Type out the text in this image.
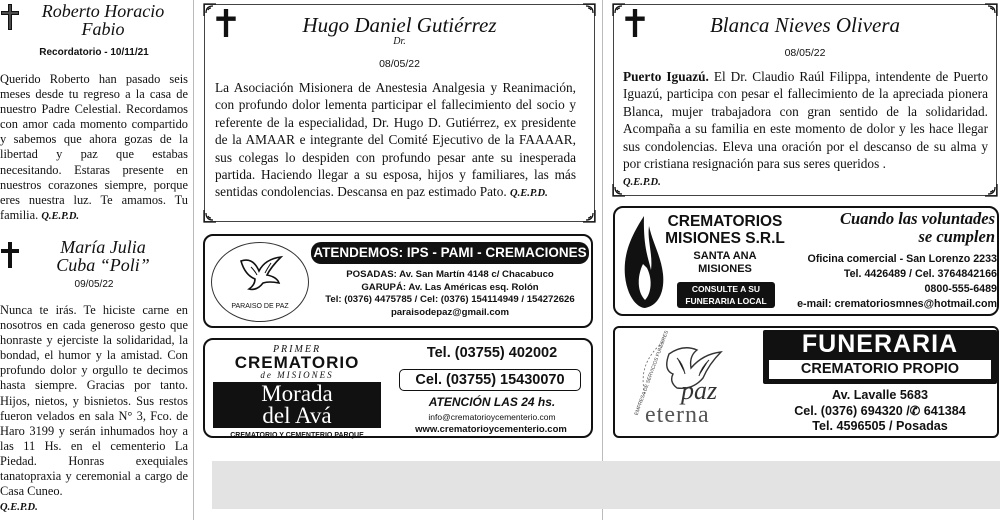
Roberto Horacio
Fabio
Recordatorio - 10/11/21
Querido Roberto han pasado seis meses desde tu regreso a la casa de nuestro Padre Celestial. Recordamos con amor cada momento compartido y sabemos que ahora gozas de la libertad y paz que estabas necesitando. Estaras presente en nuestros corazones siempre, porque eres nuestra luz. Te amamos. Tu familia. Q.E.P.D.
María Julia
Cuba “Poli”
09/05/22
Nunca te irás. Te hiciste carne en nosotros en cada generoso gesto que honraste y ejerciste la solidaridad, la bondad, el humor y la amistad. Con profundo dolor y orgullo te decimos hasta siempre. Gracias por tanto. Hijos, nietos, y bisnietos. Sus restos fueron velados en sala N° 3, Fco. de Haro 3199 y serán inhumados hoy a las 11 Hs. en el cementerio La Piedad. Honras exequiales tanatopraxia y ceremonial a cargo de Casa Cuneo.
Q.E.P.D.
Hugo Daniel Gutiérrez
Dr.
08/05/22
La Asociación Misionera de Anestesia Analgesia y Reanimación, con profundo dolor lementa participar el fallecimiento del socio y referente de la especialidad, Dr. Hugo D. Gutiérrez, ex presidente de la AMAAR e integrante del Comité Ejecutivo de la FAAAAR, sus colegas lo despiden con profundo pesar ante su inesperada partida. Haciendo llegar a su esposa, hijos y familiares, las más sentidas condolencias. Descansa en paz estimado Pato. Q.E.P.D.
Blanca Nieves Olivera
08/05/22
Puerto Iguazú. El Dr. Claudio Raúl Filippa, intendente de Puerto Iguazú, participa con pesar el fallecimiento de la apreciada pionera Blanca, mujer trabajadora con gran sentido de la solidaridad. Acompaña a su familia en este momento de dolor y les hace llegar sus condolencias. Eleva una oración por el descanso de su alma y por cristiana resignación para sus seres queridos .
Q.E.P.D.
PARAISO DE PAZ
ATENDEMOS: IPS - PAMI - CREMACIONES
POSADAS: Av. San Martín 4148 c/ Chacabuco
GARUPÁ: Av. Las Américas esq. Rolón
Tel: (0376) 4475785 / Cel: (0376) 154114949 / 154272626
paraisodepaz@gmail.com
PRIMER
CREMATORIO
de MISIONES
Morada
del Avá
CREMATORIO Y CEMENTERIO PARQUE
Tel. (03755) 402002
Cel. (03755) 15430070
ATENCIÓN LAS 24 hs.
info@crematorioycementerio.com
www.crematorioycementerio.com
CREMATORIOS
MISIONES S.R.L
SANTA ANA
MISIONES
CONSULTE A SU
FUNERARIA LOCAL
Cuando las voluntades
se cumplen
Oficina comercial - San Lorenzo 2233
Tel. 4426489 / Cel. 3764842166
0800-555-6489
e-mail: crematoriosmnes@hotmail.com
EMPRESA DE SERVICIOS FUNEBRES paz
eterna
FUNERARIA
CREMATORIO PROPIO
Av. Lavalle 5683
Cel. (0376) 694320 /✆ 641384
Tel. 4596505 / Posadas
